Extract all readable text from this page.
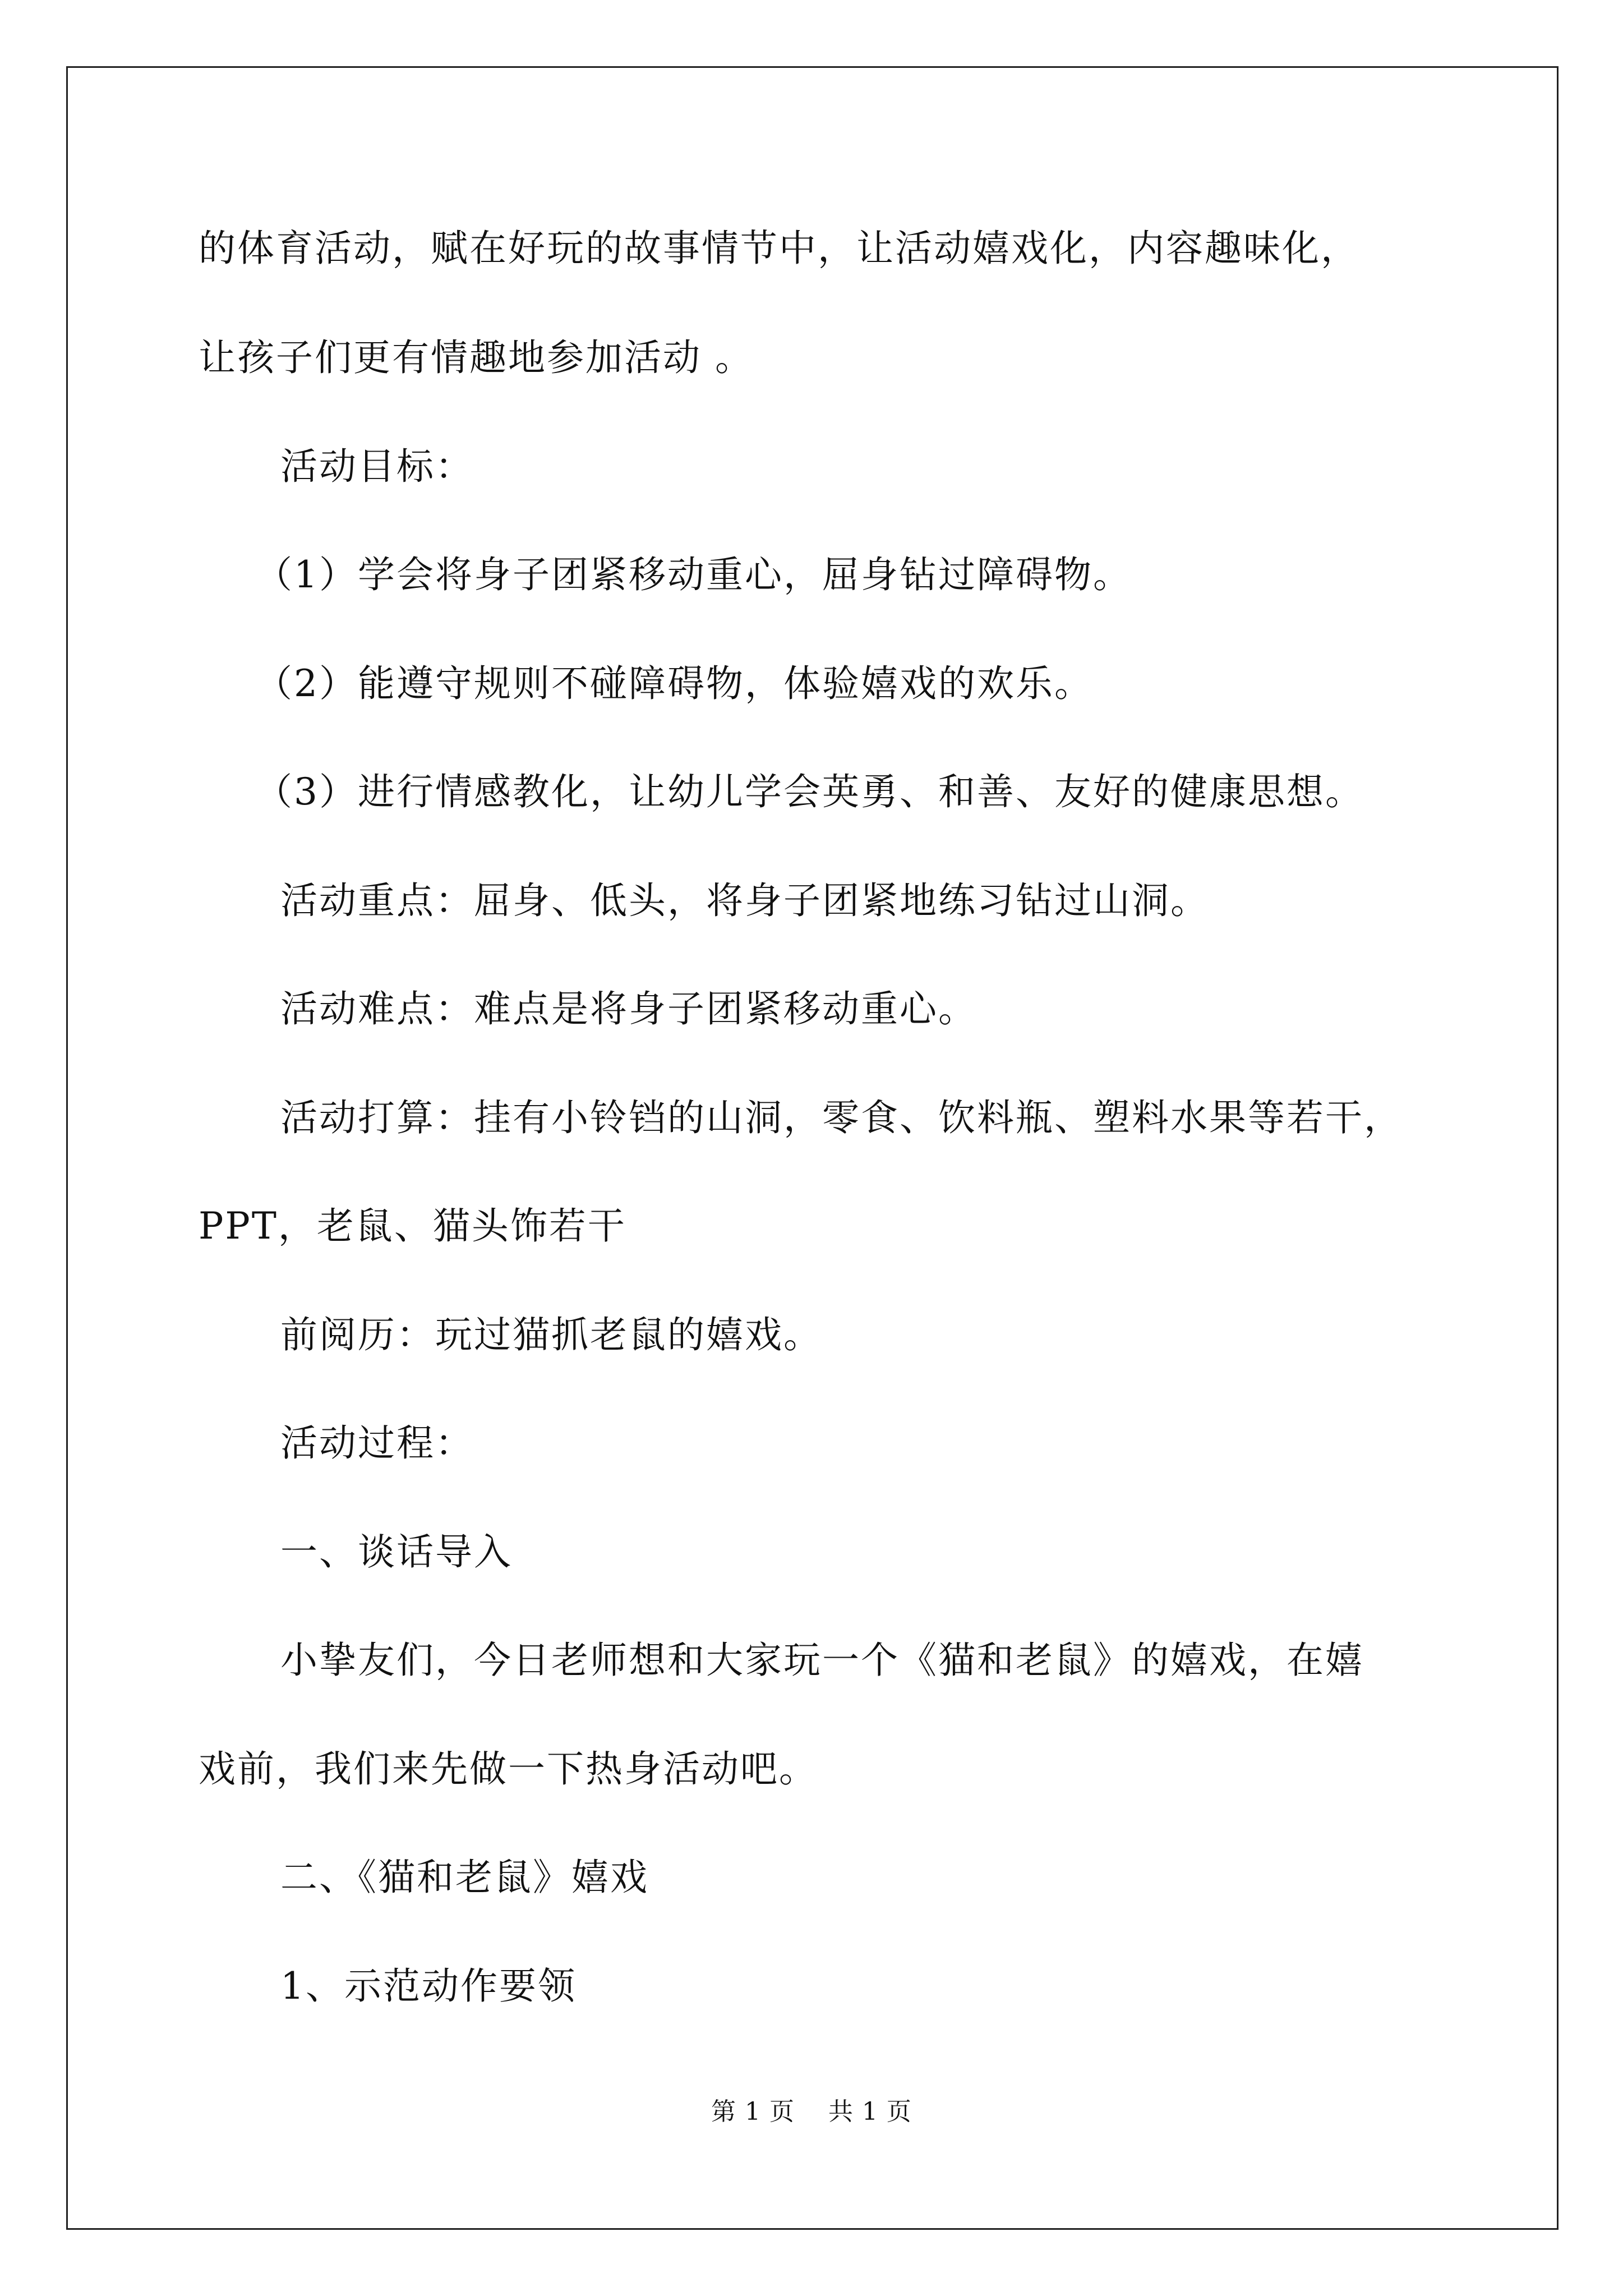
的体育活动，赋在好玩的故事情节中，让活动嬉戏化，内容趣味化，
让孩子们更有情趣地参加活动 。
活动目标：
（1）学会将身子团紧移动重心，屈身钻过障碍物。
（2）能遵守规则不碰障碍物，体验嬉戏的欢乐。
（3）进行情感教化，让幼儿学会英勇、和善、友好的健康思想。
活动重点：屈身、低头，将身子团紧地练习钻过山洞。
活动难点：难点是将身子团紧移动重心。
活动打算：挂有小铃铛的山洞，零食、饮料瓶、塑料水果等若干，
PPT，老鼠、猫头饰若干
前阅历：玩过猫抓老鼠的嬉戏。
活动过程：
一、谈话导入
小挚友们，今日老师想和大家玩一个《猫和老鼠》的嬉戏，在嬉
戏前，我们来先做一下热身活动吧。
二、《猫和老鼠》嬉戏
1、示范动作要领
第 1 页    共 1 页
